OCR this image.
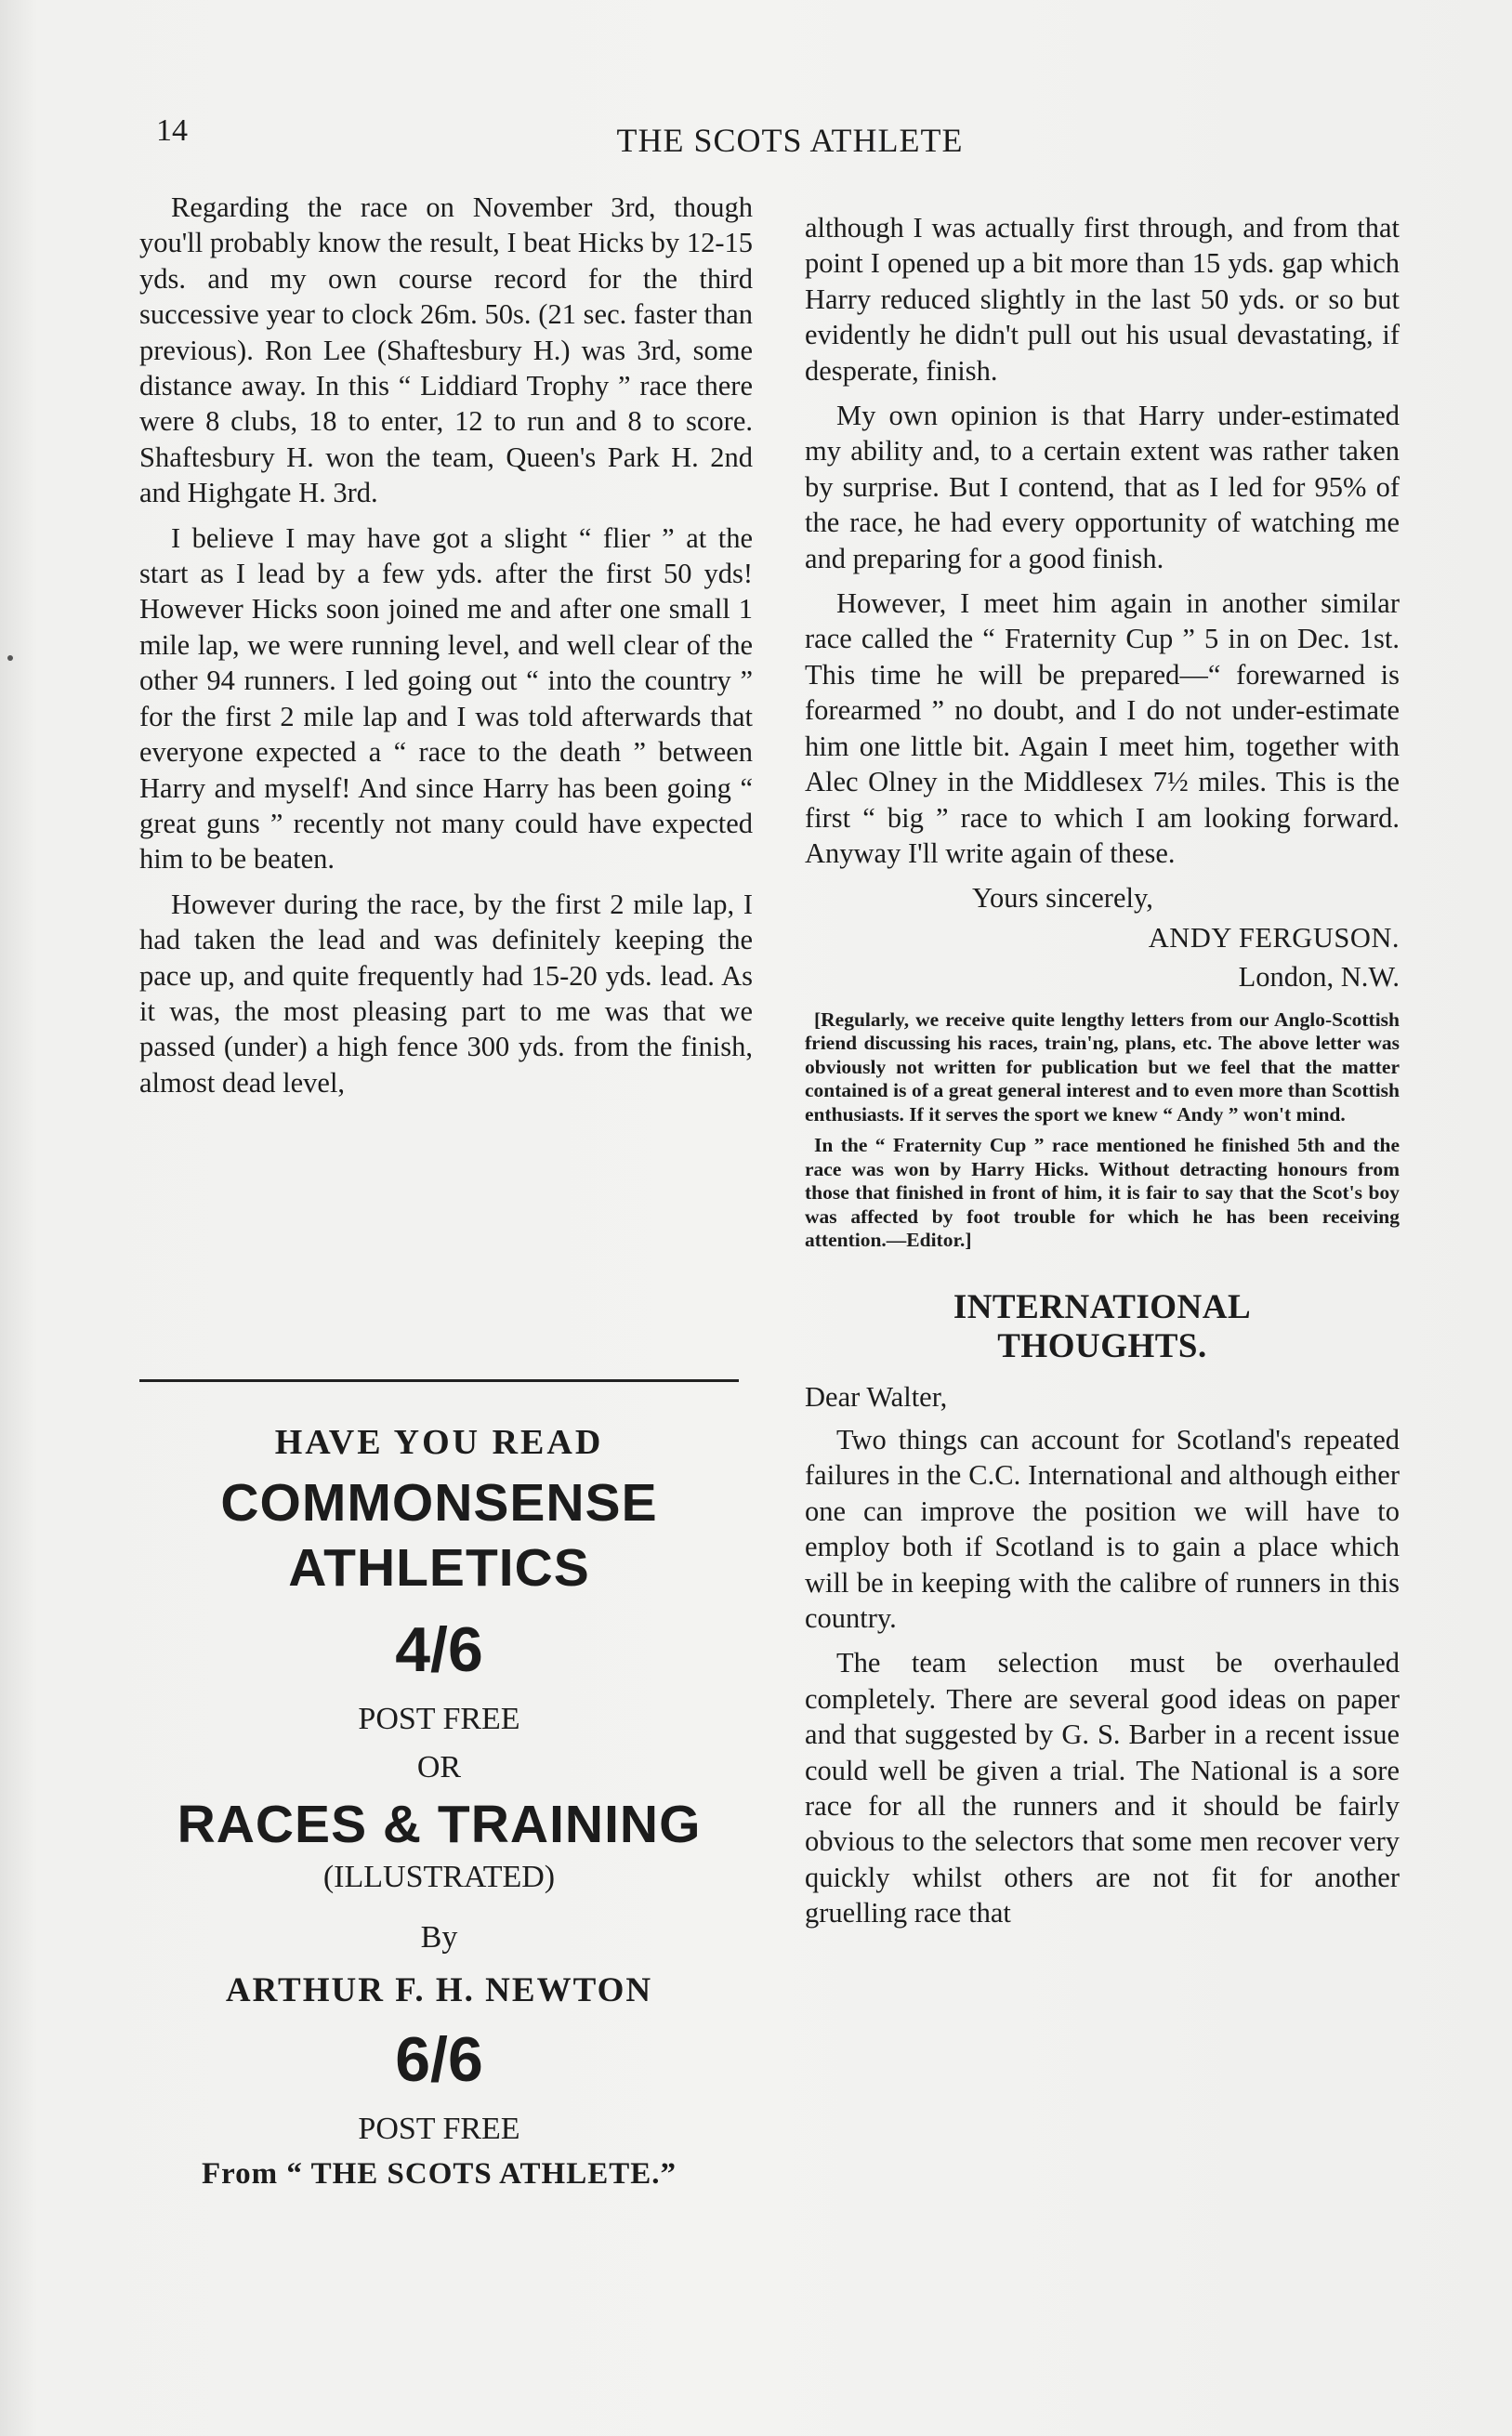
14	THE SCOTS ATHLETE

Regarding the race on November 3rd, though you'll probably know the result, I beat Hicks by 12-15 yds. and my own course record for the third successive year to clock 26m. 50s. (21 sec. faster than previous). Ron Lee (Shaftesbury H.) was 3rd, some distance away. In this “ Liddiard Trophy ” race there were 8 clubs, 18 to enter, 12 to run and 8 to score. Shaftesbury H. won the team, Queen's Park H. 2nd and Highgate H. 3rd.

I believe I may have got a slight “ flier ” at the start as I lead by a few yds. after the first 50 yds! However Hicks soon joined me and after one small 1 mile lap, we were running level, and well clear of the other 94 runners. I led going out “ into the country ” for the first 2 mile lap and I was told afterwards that everyone expected a “ race to the death ” between Harry and myself! And since Harry has been going “ great guns ” recently not many could have expected him to be beaten.

However during the race, by the first 2 mile lap, I had taken the lead and was definitely keeping the pace up, and quite frequently had 15-20 yds. lead. As it was, the most pleasing part to me was that we passed (under) a high fence 300 yds. from the finish, almost dead level,

HAVE YOU READ
COMMONSENSE
ATHLETICS
4/6
POST FREE
OR
RACES & TRAINING
(ILLUSTRATED)
By
ARTHUR F. H. NEWTON
6/6
POST FREE
From “ THE SCOTS ATHLETE.”

although I was actually first through, and from that point I opened up a bit more than 15 yds. gap which Harry reduced slightly in the last 50 yds. or so but evidently he didn't pull out his usual devastating, if desperate, finish.

My own opinion is that Harry under-estimated my ability and, to a certain extent was rather taken by surprise. But I contend, that as I led for 95% of the race, he had every opportunity of watching me and preparing for a good finish.

However, I meet him again in another similar race called the “ Fraternity Cup ” 5 in on Dec. 1st. This time he will be prepared—“ forewarned is forearmed ” no doubt, and I do not under-estimate him one little bit. Again I meet him, together with Alec Olney in the Middlesex 7½ miles. This is the first “ big ” race to which I am looking forward. Anyway I'll write again of these.

Yours sincerely,
ANDY FERGUSON.
London, N.W.

[Regularly, we receive quite lengthy letters from our Anglo-Scottish friend discussing his races, train'ng, plans, etc. The above letter was obviously not written for publication but we feel that the matter contained is of a great general interest and to even more than Scottish enthusiasts. If it serves the sport we knew “ Andy ” won't mind.

In the “ Fraternity Cup ” race mentioned he finished 5th and the race was won by Harry Hicks. Without detracting honours from those that finished in front of him, it is fair to say that the Scot's boy was affected by foot trouble for which he has been receiving attention.—Editor.]

INTERNATIONAL
THOUGHTS.

Dear Walter,

Two things can account for Scotland's repeated failures in the C.C. International and although either one can improve the position we will have to employ both if Scotland is to gain a place which will be in keeping with the calibre of runners in this country.

The team selection must be overhauled completely. There are several good ideas on paper and that suggested by G. S. Barber in a recent issue could well be given a trial. The National is a sore race for all the runners and it should be fairly obvious to the selectors that some men recover very quickly whilst others are not fit for another gruelling race that
